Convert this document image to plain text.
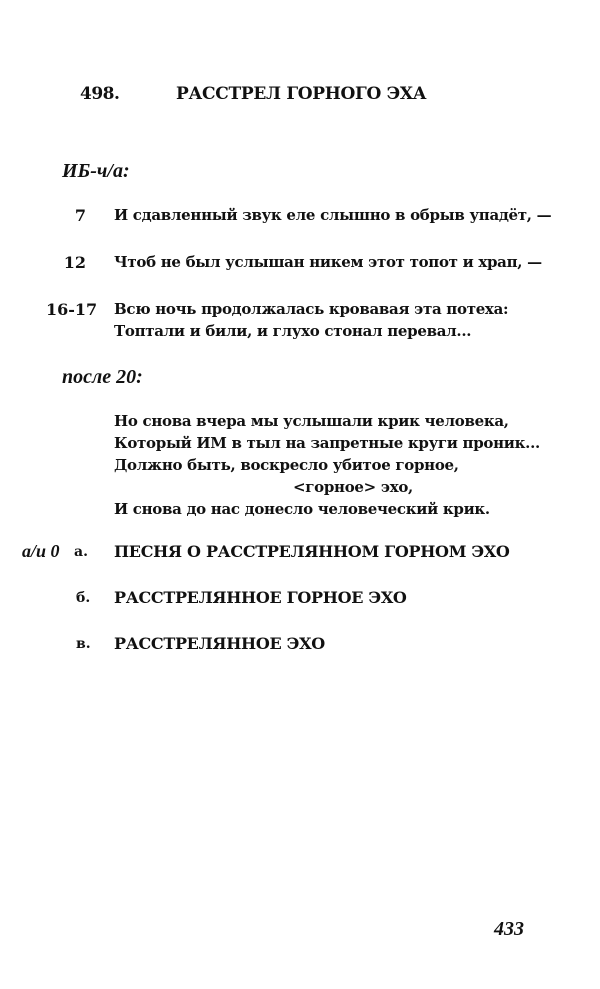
498.	РАССТРЕЛ ГОРНОГО ЭХА
ИБ-ч/а:
7 И сдавленный звук еле слышно в обрыв упадёт, —
12 Чтоб не был услышан никем этот топот и храп, —
16-17 Всю ночь продолжалась кровавая эта потеха:
Топтали и били, и глухо стонал перевал...
после 20:
Но снова вчера мы услышали крик человека,
Который ИМ в тыл на запретные круги проник...
Должно быть, воскресло убитое горное,
<горное> эхо,
И снова до нас донесло человеческий крик.
а/и 0 а. ПЕСНЯ О РАССТРЕЛЯННОМ ГОРНОМ ЭХО
б. РАССТРЕЛЯННОЕ ГОРНОЕ ЭХО
в. РАССТРЕЛЯННОЕ ЭХО
433
